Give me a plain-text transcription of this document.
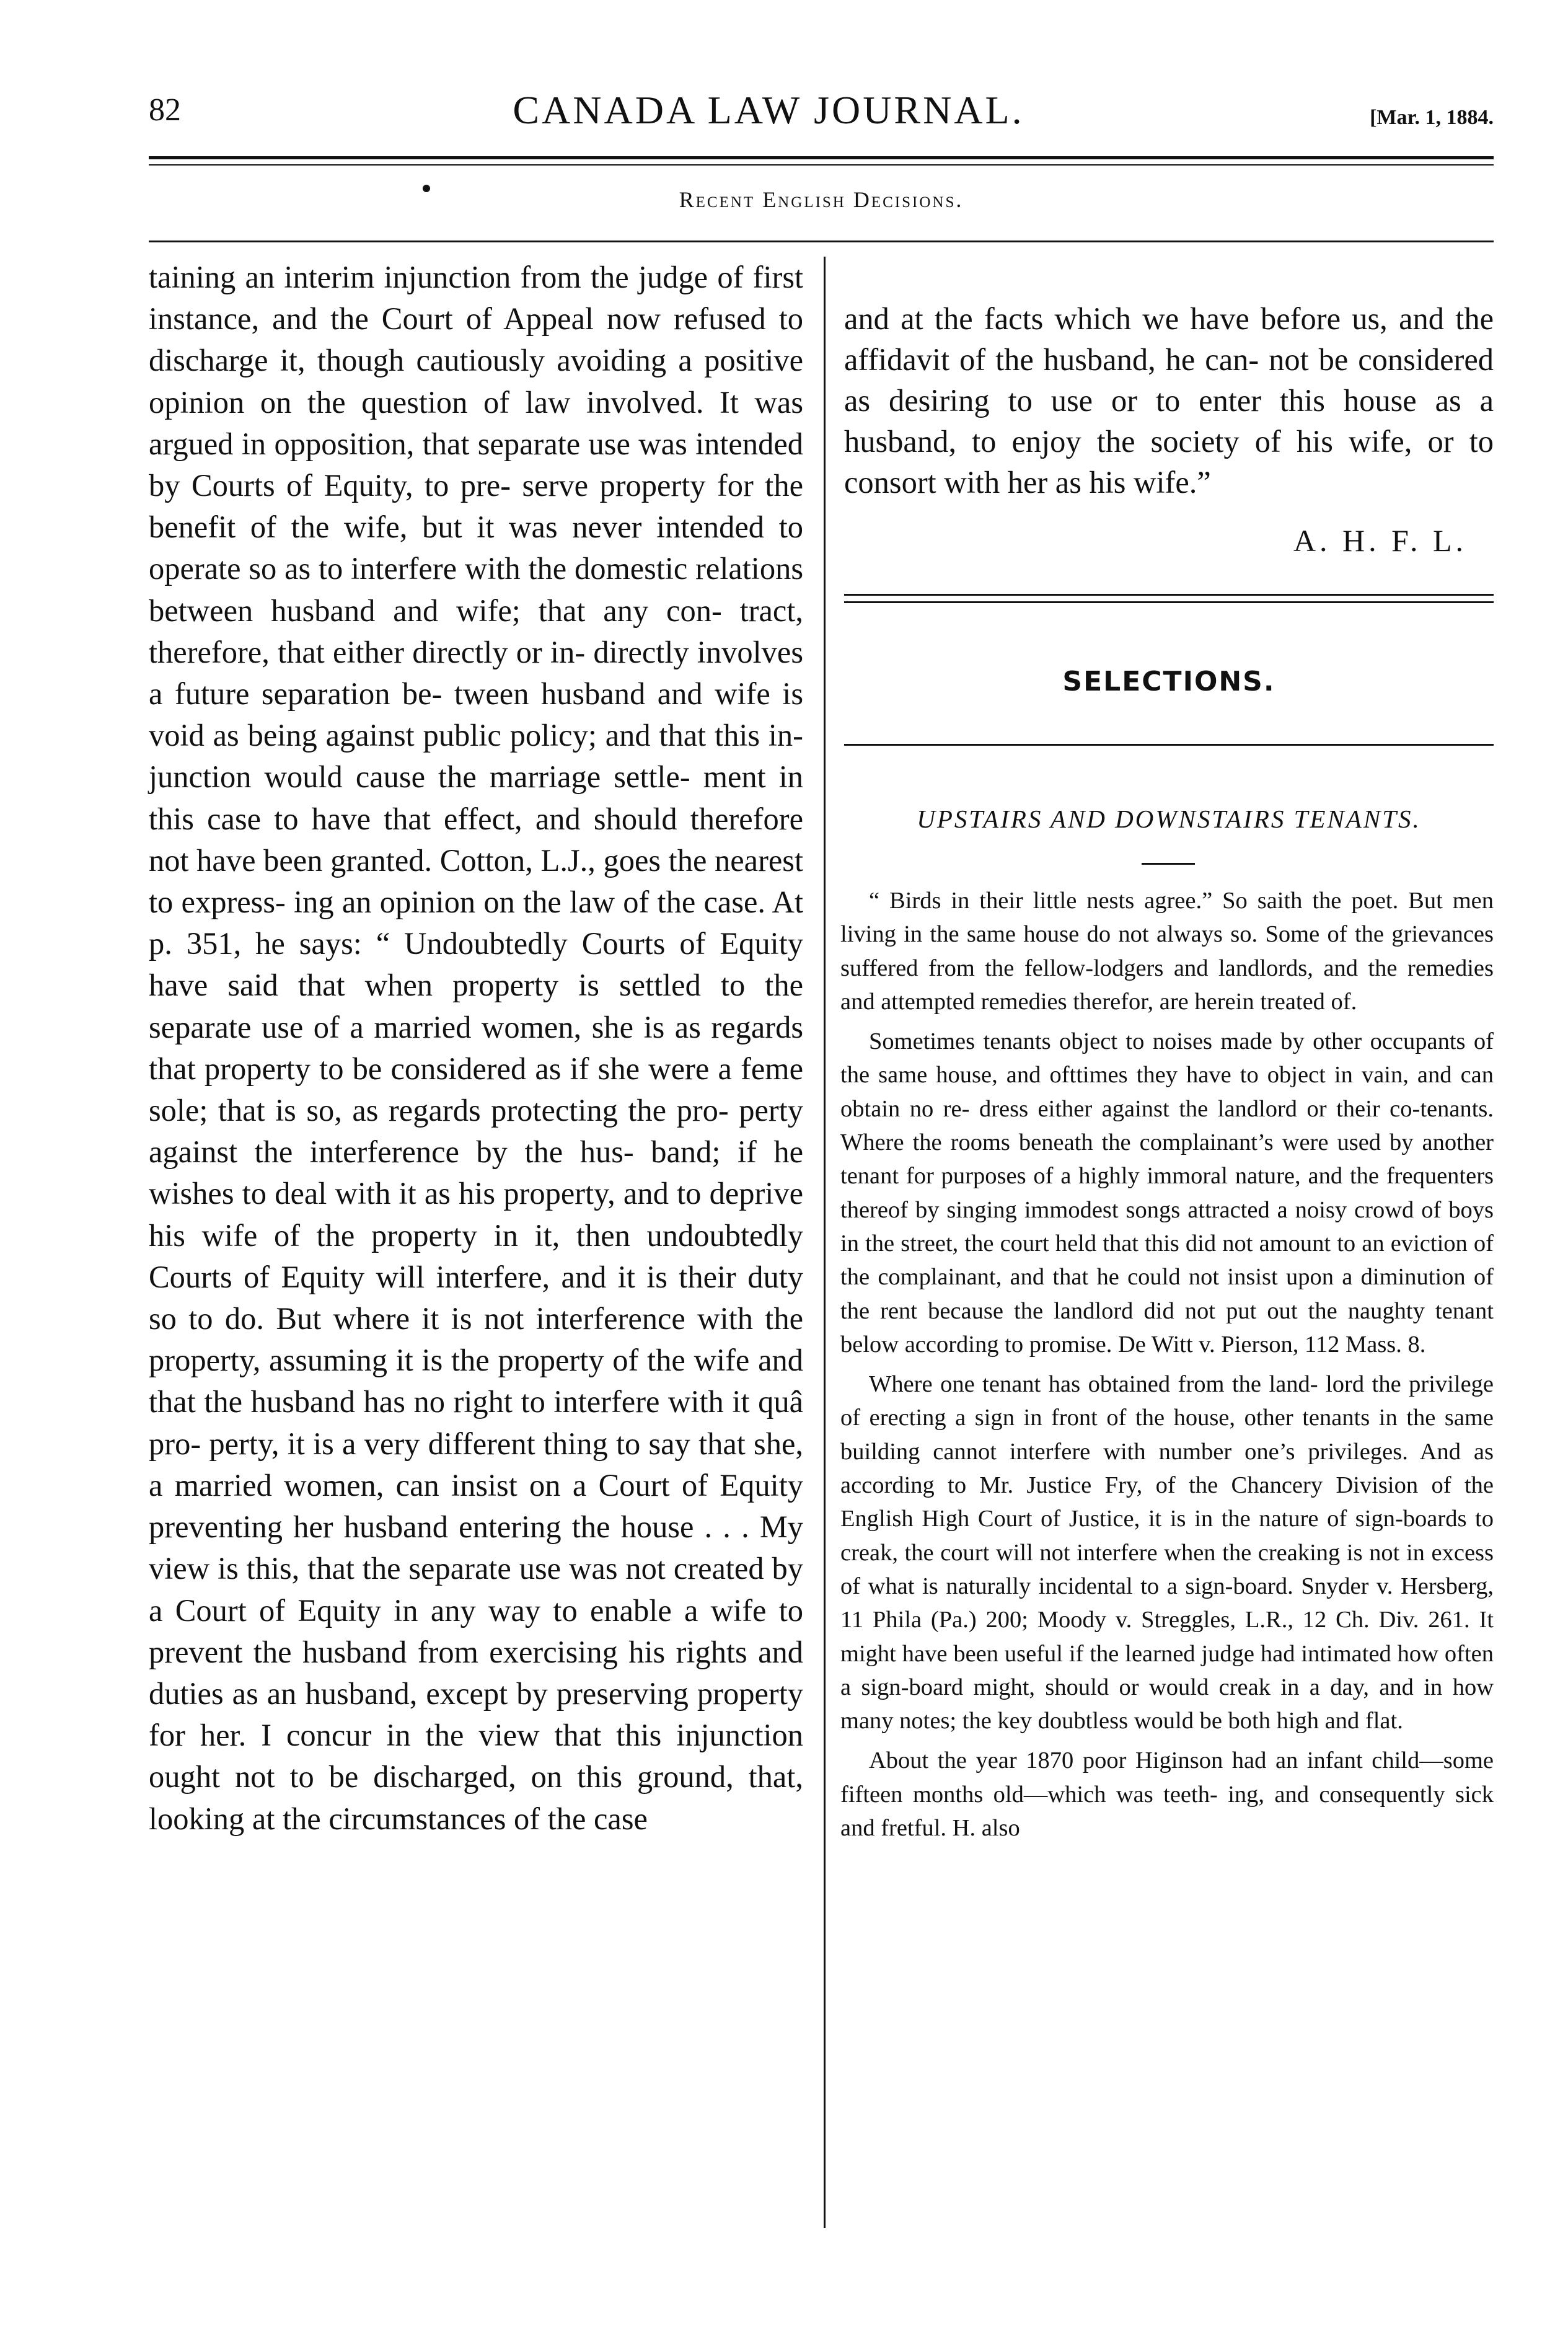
82	CANADA LAW JOURNAL.	[Mar. 1, 1884.
Recent English Decisions.

taining an interim injunction from the judge of first instance, and the Court of Appeal now refused to discharge it, though cautiously avoiding a positive opinion on the question of law involved. It was argued in opposition, that separate use was intended by Courts of Equity, to pre- serve property for the benefit of the wife, but it was never intended to operate so as to interfere with the domestic relations between husband and wife; that any con- tract, therefore, that either directly or in- directly involves a future separation be- tween husband and wife is void as being against public policy; and that this in- junction would cause the marriage settle- ment in this case to have that effect, and should therefore not have been granted. Cotton, L.J., goes the nearest to express- ing an opinion on the law of the case. At p. 351, he says: “ Undoubtedly Courts of Equity have said that when property is settled to the separate use of a married women, she is as regards that property to be considered as if she were a feme sole; that is so, as regards protecting the pro- perty against the interference by the hus- band; if he wishes to deal with it as his property, and to deprive his wife of the property in it, then undoubtedly Courts of Equity will interfere, and it is their duty so to do. But where it is not interference with the property, assuming it is the property of the wife and that the husband has no right to interfere with it quâ pro- perty, it is a very different thing to say that she, a married women, can insist on a Court of Equity preventing her husband entering the house . . . My view is this, that the separate use was not created by a Court of Equity in any way to enable a wife to prevent the husband from exercising his rights and duties as an husband, except by preserving property for her. I concur in the view that this injunction ought not to be discharged, on this ground, that, looking at the circumstances of the case

and at the facts which we have before us, and the affidavit of the husband, he can- not be considered as desiring to use or to enter this house as a husband, to enjoy the society of his wife, or to consort with her as his wife.”

A. H. F. L.
SELECTIONS.
UPSTAIRS AND DOWNSTAIRS TENANTS.

“ Birds in their little nests agree.” So saith the poet. But men living in the same house do not always so. Some of the grievances suffered from the fellow-lodgers and landlords, and the remedies and attempted remedies therefor, are herein treated of.

Sometimes tenants object to noises made by other occupants of the same house, and ofttimes they have to object in vain, and can obtain no re- dress either against the landlord or their co-tenants. Where the rooms beneath the complainant’s were used by another tenant for purposes of a highly immoral nature, and the frequenters thereof by singing immodest songs attracted a noisy crowd of boys in the street, the court held that this did not amount to an eviction of the complainant, and that he could not insist upon a diminution of the rent because the landlord did not put out the naughty tenant below according to promise. De Witt v. Pierson, 112 Mass. 8.

Where one tenant has obtained from the land- lord the privilege of erecting a sign in front of the house, other tenants in the same building cannot interfere with number one’s privileges. And as according to Mr. Justice Fry, of the Chancery Division of the English High Court of Justice, it is in the nature of sign-boards to creak, the court will not interfere when the creaking is not in excess of what is naturally incidental to a sign-board. Snyder v. Hersberg, 11 Phila (Pa.) 200; Moody v. Streggles, L.R., 12 Ch. Div. 261. It might have been useful if the learned judge had intimated how often a sign-board might, should or would creak in a day, and in how many notes; the key doubtless would be both high and flat.

About the year 1870 poor Higinson had an infant child—some fifteen months old—which was teeth- ing, and consequently sick and fretful. H. also
